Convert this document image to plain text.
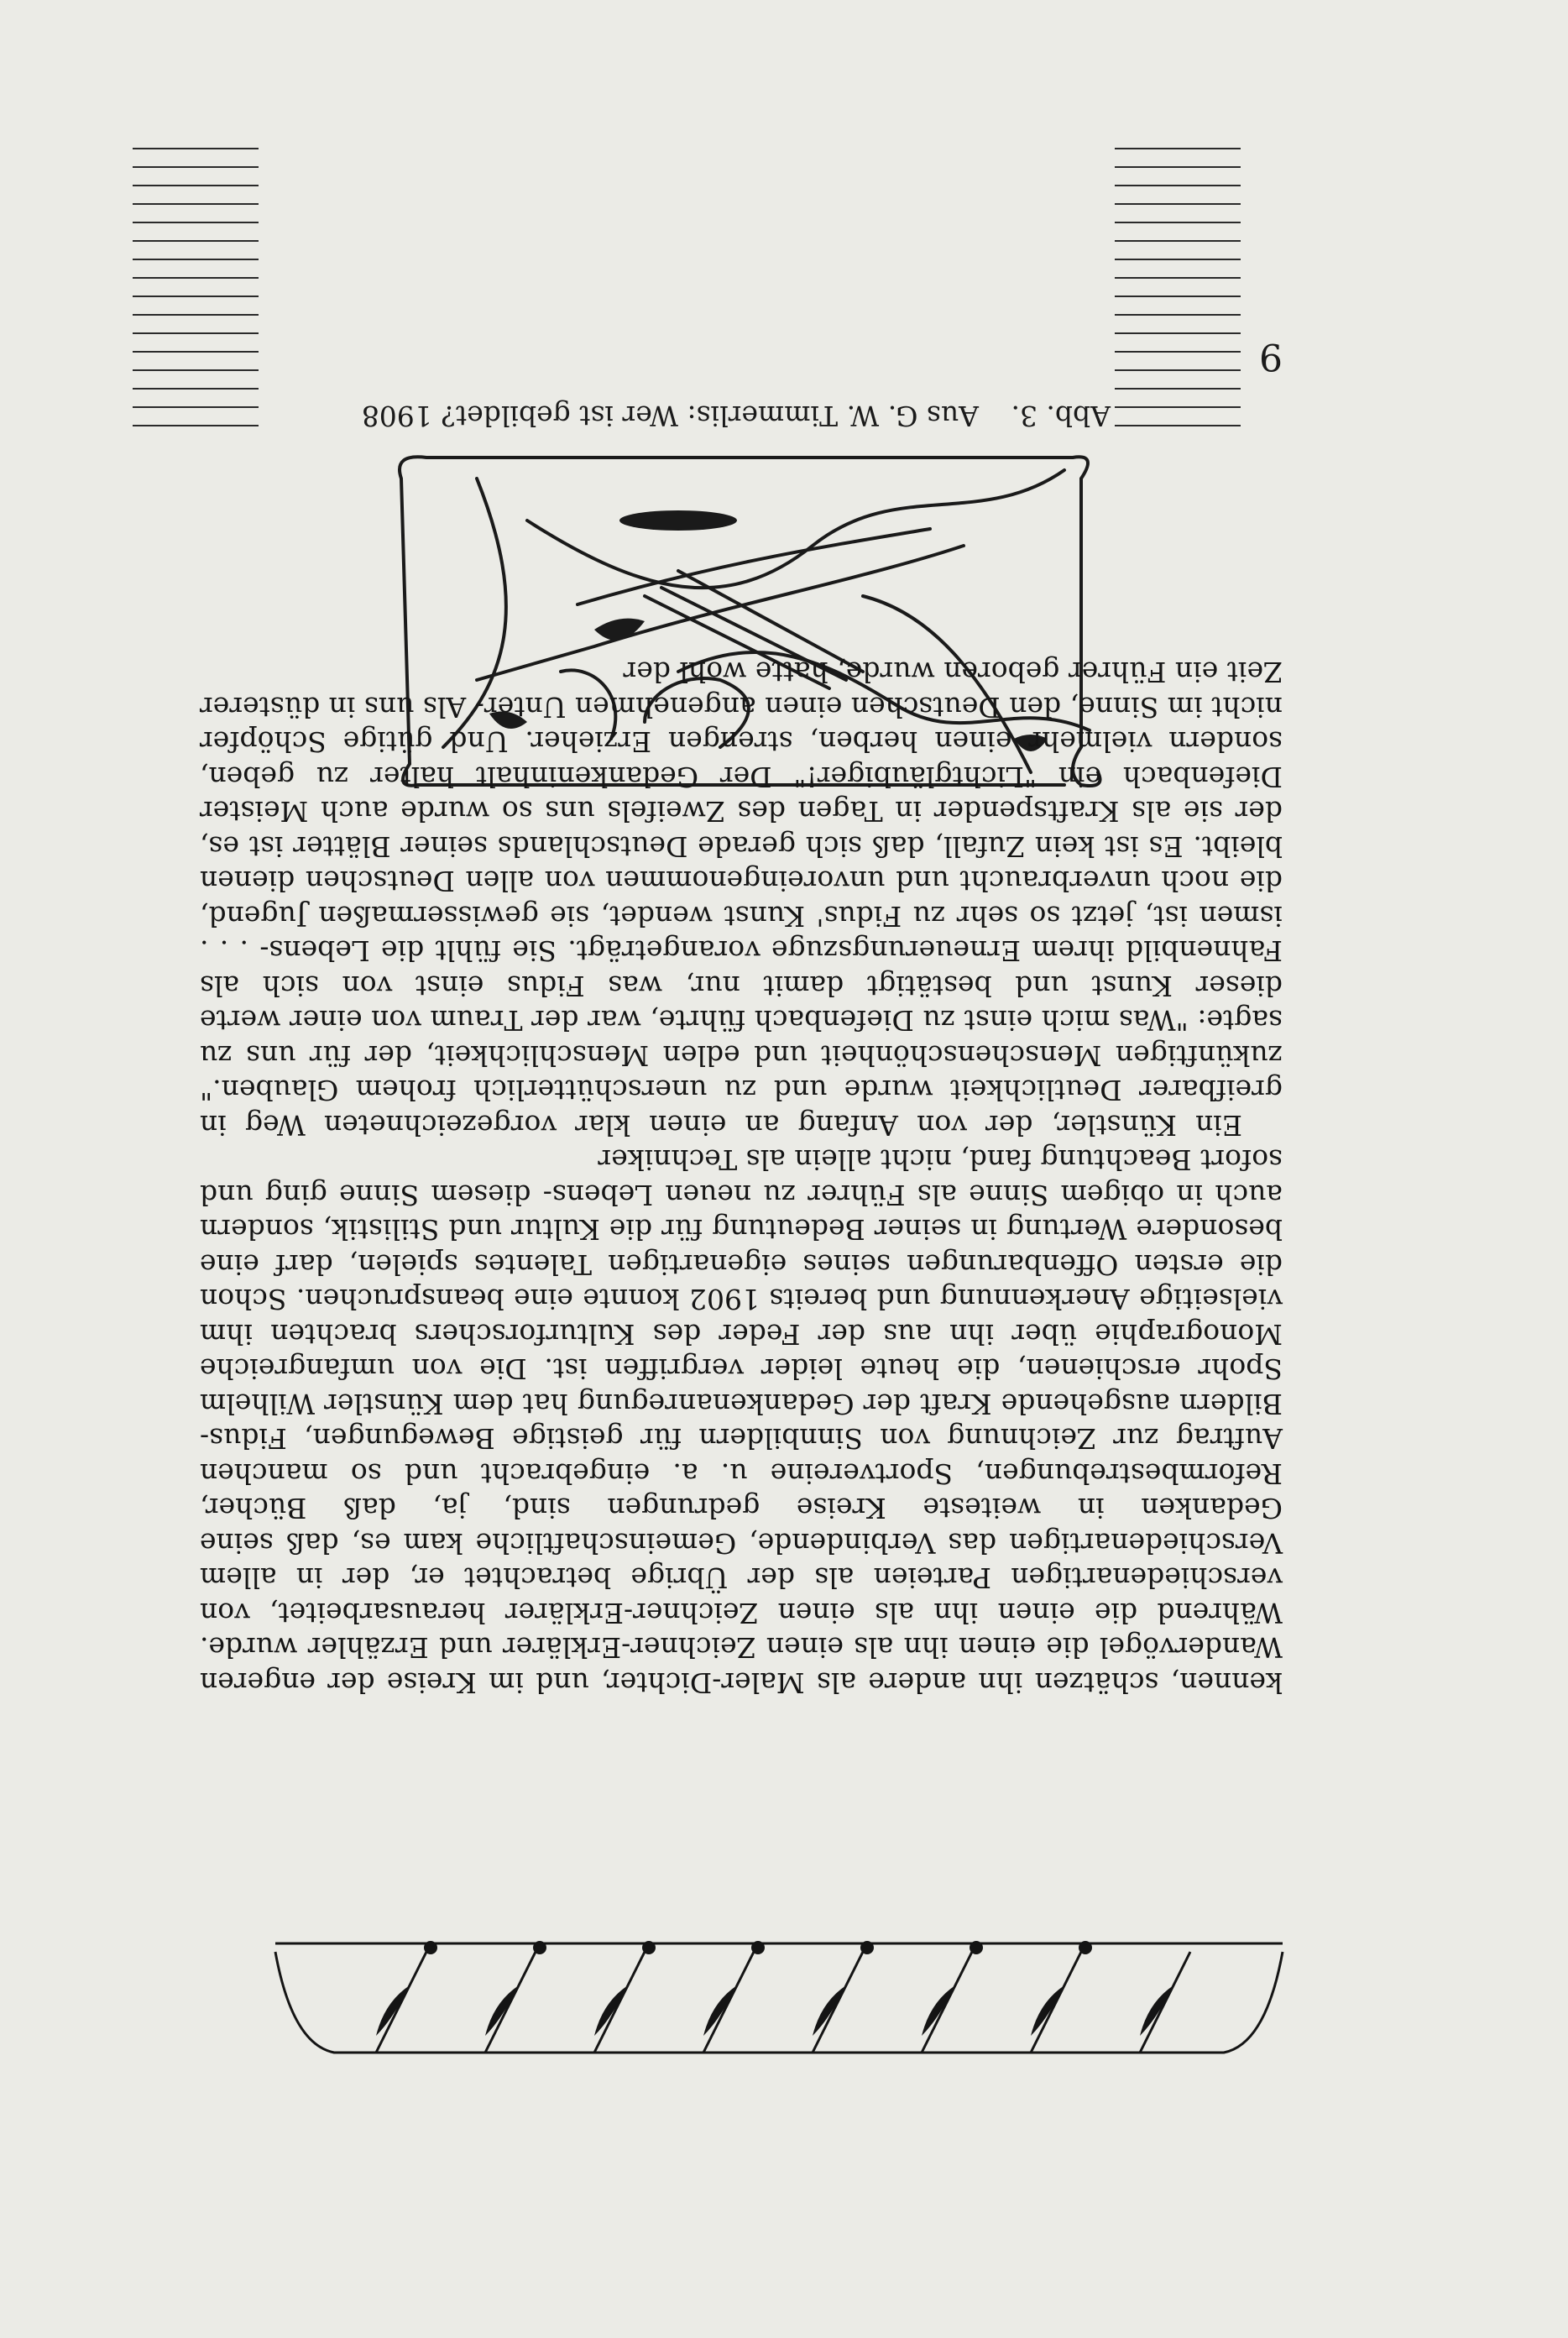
9
Abb. 3. Aus G. W. Timmerlis: Wer ist gebildet? 1908

kennen, schätzen ihn andere als Maler-Dichter, und im Kreise der engeren Wandervögel die einen ihn als einen Zeichner-Erklärer und Erzähler wurde. Während die einen ihn als einen Zeichner-Erklärer herausarbeitet, von verschiedenartigen Parteien als der Übrige betrachtet er, der in allem Verschiedenartigen das Verbindende, Gemeinschaftliche kam es, daß seine Gedanken in weiteste Kreise gedrungen sind, ja, daß Bücher, Reformbestrebungen, Sportvereine u. a. eingebracht und so manchen Auftrag zur Zeichnung von Sinnbildern für geistige Bewegungen, Fidus-Bildern ausgehende Kraft der Gedankenanregung hat dem Künstler Wilhelm Spohr erschienen, die heute leider vergriffen ist. Die von umfangreiche Monographie über ihn aus der Feder des Kulturforschers brachten ihm vielseitige Anerkennung und bereits 1902 konnte eine beanspruchen. Schon die ersten Offenbarungen seines eigenartigen Talentes spielen, darf eine besondere Wertung in seiner Bedeutung für die Kultur und Stilistik, sondern auch in obigem Sinne als Führer zu neuen Lebens- diesem Sinne ging und sofort Beachtung fand, nicht allein als Techniker

Ein Künstler, der von Anfang an einen klar vorgezeichneten Weg in greifbarer Deutlichkeit wurde und zu unerschütterlich frohem Glauben." zukünftigen Menschenschönheit und edlen Menschlichkeit, der für uns zu sagte: "Was mich einst zu Diefenbach führte, war der Traum von einer werte dieser Kunst und bestätigt damit nur, was Fidus einst von sich als Fahnenbild ihrem Erneuerungszuge vorangeträgt. Sie fühlt die Lebens- . . . ismen ist, jetzt so sehr zu Fidus' Kunst wendet, sie gewissermaßen Jugend, die noch unverbraucht und unvoreingenommen von allen Deutschen dienen bleibt. Es ist kein Zufall, daß sich gerade Deutschlands seiner Blätter ist es, der sie als Kraftspender in Tagen des Zweifels uns so wurde auch Meister Diefenbach ein "Lichtgläubiger!" Der Gedankeninhalt halter zu geben, sondern vielmehr einen herben, strengen Erzieher. Und gütige Schöpfer nicht im Sinne, den Deutschen einen angenehmen Unter- Als uns in düsterer Zeit ein Führer geboren wurde, hatte wohl der
